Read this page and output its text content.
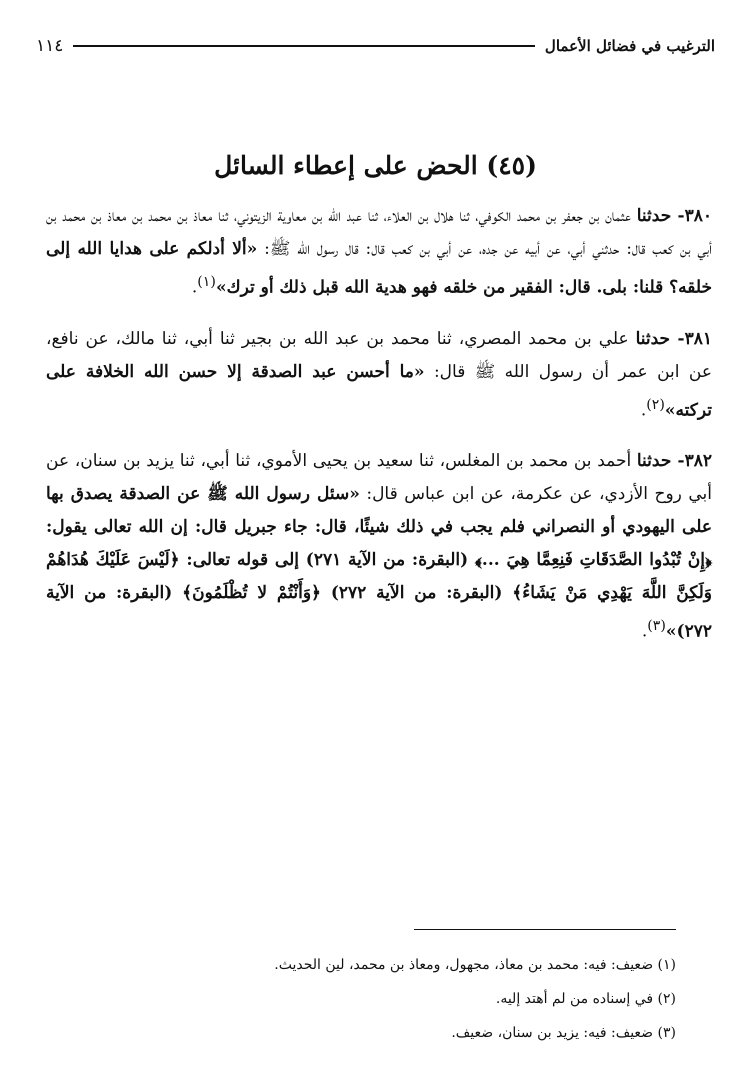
الترغيب في فضائل الأعمال
١١٤
(٤٥) الحض على إعطاء السائل

٣٨٠- حدثنا عثمان بن جعفر بن محمد الكوفي، ثنا هلال بن العلاء، ثنا عبد الله بن معاوية الزيتوني، ثنا معاذ بن محمد بن معاذ بن محمد بن أبي بن كعب قال: حدثني أبي، عن أبيه عن جده، عن أبي بن كعب قال: قال رسول الله ﷺ: «ألا أدلكم على هدايا الله إلى خلقه؟ قلنا: بلى. قال: الفقير من خلقه فهو هدية الله قبل ذلك أو ترك»$^{(١)}$.

٣٨١- حدثنا علي بن محمد المصري، ثنا محمد بن عبد الله بن بجير ثنا أبي، ثنا مالك، عن نافع، عن ابن عمر أن رسول الله ﷺ قال: «ما أحسن عبد الصدقة إلا حسن الله الخلافة على تركته»$^{(٢)}$.

٣٨٢- حدثنا أحمد بن محمد بن المغلس، ثنا سعيد بن يحيى الأموي، ثنا أبي، ثنا يزيد بن سنان، عن أبي روح الأزدي، عن عكرمة، عن ابن عباس قال: «سئل رسول الله ﷺ عن الصدقة يصدق بها على اليهودي أو النصراني فلم يجب في ذلك شيئًا، قال: جاء جبريل قال: إن الله تعالى يقول: ﴿إِنْ تُبْدُوا الصَّدَقَاتِ فَنِعِمَّا هِيَ ...﴾ (البقرة: من الآية ٢٧١) إلى قوله تعالى: ﴿لَيْسَ عَلَيْكَ هُدَاهُمْ وَلَكِنَّ اللَّهَ يَهْدِي مَنْ يَشَاءُ﴾ (البقرة: من الآية ٢٧٢) ﴿وَأَنْتُمْ لا تُظْلَمُونَ﴾ (البقرة: من الآية ٢٧٢)»$^{(٣)}$.

(١) ضعيف: فيه: محمد بن معاذ، مجهول، ومعاذ بن محمد، لين الحديث.

(٢) في إسناده من لم أهتد إليه.

(٣) ضعيف: فيه: يزيد بن سنان، ضعيف.
